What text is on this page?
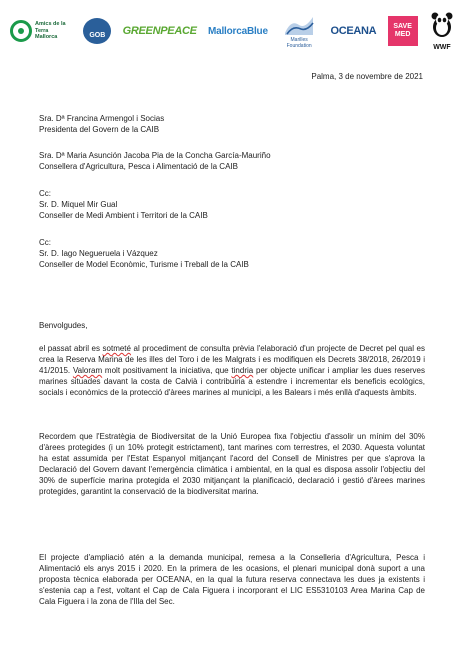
Amics de la Terra Mallorca	GOB GREENPEACE MallorcaBlue
Marilles Foundation
OCEANA SAVE
MED
WWF
Palma, 3 de novembre de 2021
Sra. Dª Francina Armengol i Socias
Presidenta del Govern de la CAIB
Sra. Dª Maria Asunción Jacoba Pia de la Concha García-Mauriño
Consellera d'Agricultura, Pesca i Alimentació de la CAIB
Cc:
Sr. D. Miquel Mir Gual
Conseller de Medi Ambient i Territori de la CAIB
Cc:
Sr. D. Iago Negueruela i Vázquez
Conseller de Model Econòmic, Turisme i Treball de la CAIB
Benvolgudes,

el passat abril es sotmeté al procediment de consulta prèvia l'elaboració d'un projecte de Decret pel qual es crea la Reserva Marina de les illes del Toro i de les Malgrats i es modifiquen els Decrets 38/2018, 26/2019 i 41/2015. Valoram molt positivament la iniciativa, que tindria per objecte unificar i ampliar les dues reserves marines situades davant la costa de Calvià i contribuiria a estendre i incrementar els beneficis ecològics, socials i econòmics de la protecció d'àrees marines al municipi, a les Balears i més enllà d'aquests àmbits.

Recordem que l'Estratègia de Biodiversitat de la Unió Europea fixa l'objectiu d'assolir un mínim del 30% d'àrees protegides (i un 10% protegit estrictament), tant marines com terrestres, el 2030. Aquesta voluntat ha estat assumida per l'Estat Espanyol mitjançant l'acord del Consell de Ministres per que s'aprova la Declaració del Govern davant l'emergència climàtica i ambiental, en la qual es disposa assolir l'objectiu del 30% de superfície marina protegida el 2030 mitjançant la planificació, declaració i gestió d'àrees marines protegides, garantint la conservació de la biodiversitat marina.

El projecte d'ampliació atén a la demanda municipal, remesa a la Conselleria d'Agricultura, Pesca i Alimentació els anys 2015 i 2020. En la primera de les ocasions, el plenari municipal donà suport a una proposta tècnica elaborada per OCEANA, en la qual la futura reserva connectava les dues ja existents i s'estenia cap a l'est, voltant el Cap de Cala Figuera i incorporant el LIC ES5310103 Area Marina Cap de Cala Figuera i la zona de l'Illa del Sec.
